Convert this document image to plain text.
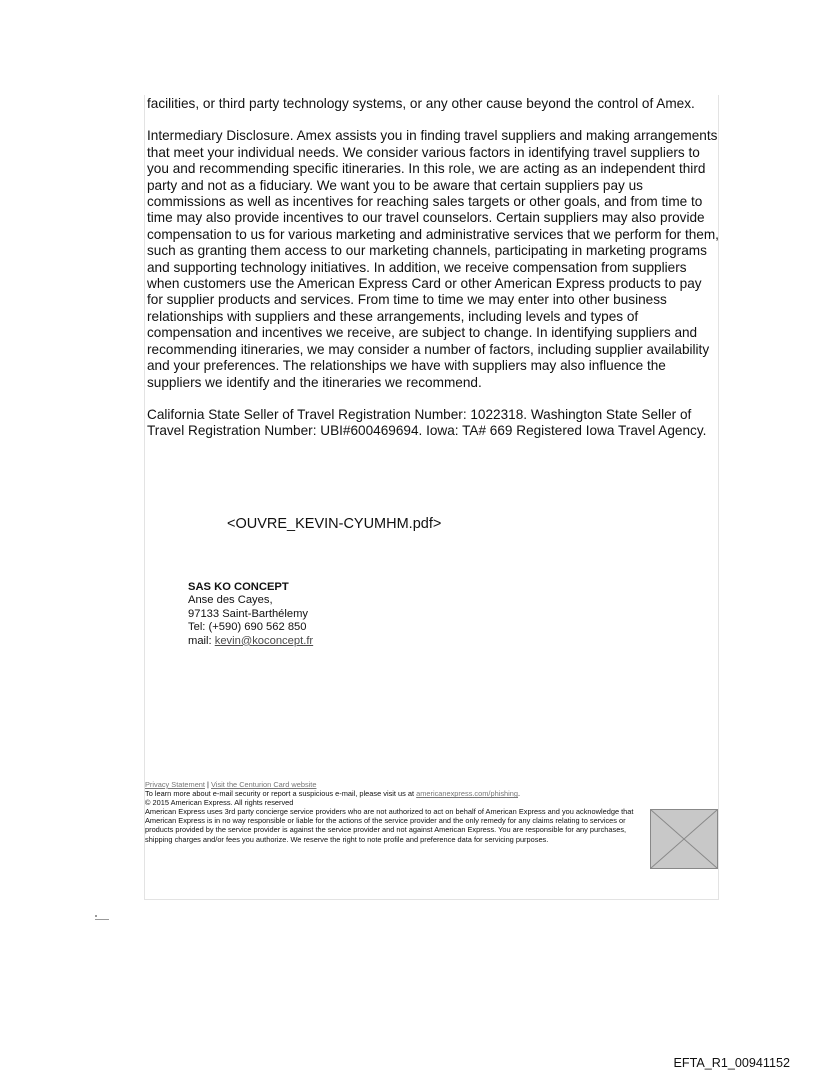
facilities, or third party technology systems, or any other cause beyond the control of Amex.

Intermediary Disclosure. Amex assists you in finding travel suppliers and making arrangements that meet your individual needs. We consider various factors in identifying travel suppliers to you and recommending specific itineraries. In this role, we are acting as an independent third party and not as a fiduciary. We want you to be aware that certain suppliers pay us commissions as well as incentives for reaching sales targets or other goals, and from time to time may also provide incentives to our travel counselors. Certain suppliers may also provide compensation to us for various marketing and administrative services that we perform for them, such as granting them access to our marketing channels, participating in marketing programs and supporting technology initiatives. In addition, we receive compensation from suppliers when customers use the American Express Card or other American Express products to pay for supplier products and services. From time to time we may enter into other business relationships with suppliers and these arrangements, including levels and types of compensation and incentives we receive, are subject to change. In identifying suppliers and recommending itineraries, we may consider a number of factors, including supplier availability and your preferences. The relationships we have with suppliers may also influence the suppliers we identify and the itineraries we recommend.

California State Seller of Travel Registration Number: 1022318. Washington State Seller of Travel Registration Number: UBI#600469694. Iowa: TA# 669 Registered Iowa Travel Agency.

<OUVRE_KEVIN-CYUMHM.pdf>
SAS KO CONCEPT
Anse des Cayes,
97133 Saint-Barthélemy
Tel: (+590) 690 562 850
mail: kevin@koconcept.fr
Privacy Statement | Visit the Centurion Card website
To learn more about e-mail security or report a suspicious e-mail, please visit us at americanexpress.com/phishing.
© 2015 American Express. All rights reserved
American Express uses 3rd party concierge service providers who are not authorized to act on behalf of American Express and you acknowledge that American Express is in no way responsible or liable for the actions of the service provider and the only remedy for any claims relating to services or products provided by the service provider is against the service provider and not against American Express. You are responsible for any purchases, shipping charges and/or fees you authorize. We reserve the right to note profile and preference data for servicing purposes.
EFTA_R1_00941152
